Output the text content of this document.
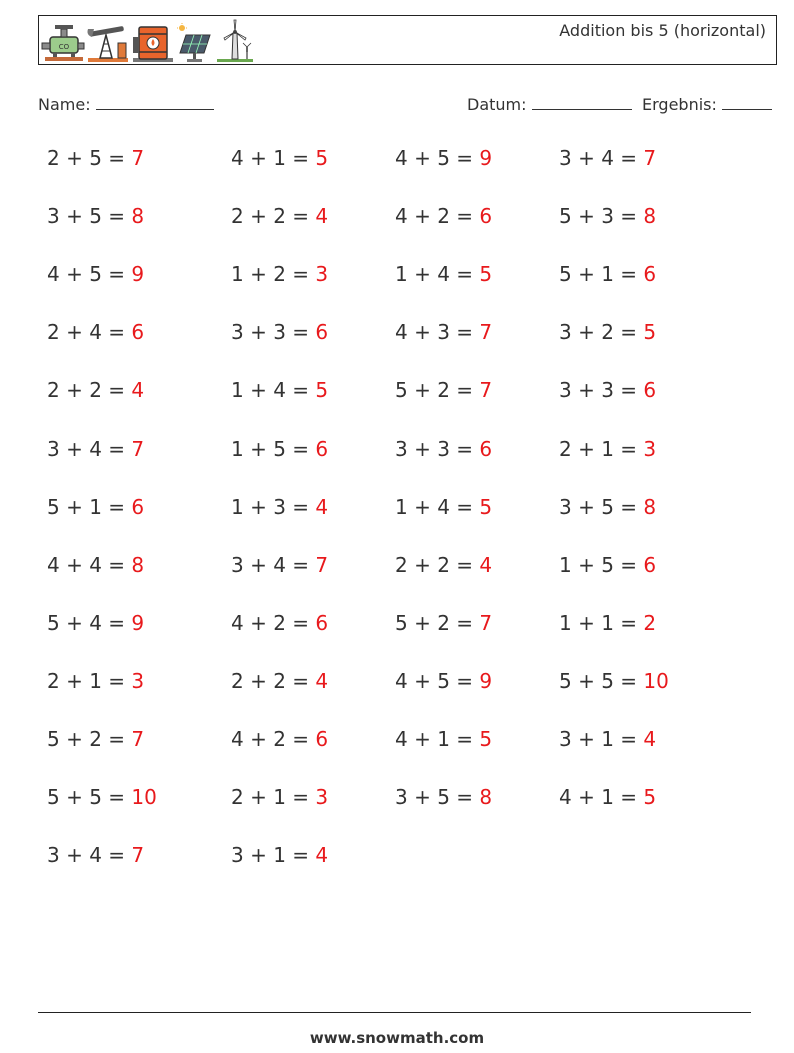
CO
Addition bis 5 (horizontal)
Name:	Datum:	Ergebnis:
2 + 5 = 7
3 + 5 = 8
4 + 5 = 9
2 + 4 = 6
2 + 2 = 4
3 + 4 = 7
5 + 1 = 6
4 + 4 = 8
5 + 4 = 9
2 + 1 = 3
5 + 2 = 7
5 + 5 = 10
3 + 4 = 7
4 + 1 = 5
2 + 2 = 4
1 + 2 = 3
3 + 3 = 6
1 + 4 = 5
1 + 5 = 6
1 + 3 = 4
3 + 4 = 7
4 + 2 = 6
2 + 2 = 4
4 + 2 = 6
2 + 1 = 3
3 + 1 = 4
4 + 5 = 9
4 + 2 = 6
1 + 4 = 5
4 + 3 = 7
5 + 2 = 7
3 + 3 = 6
1 + 4 = 5
2 + 2 = 4
5 + 2 = 7
4 + 5 = 9
4 + 1 = 5
3 + 5 = 8
3 + 4 = 7
5 + 3 = 8
5 + 1 = 6
3 + 2 = 5
3 + 3 = 6
2 + 1 = 3
3 + 5 = 8
1 + 5 = 6
1 + 1 = 2
5 + 5 = 10
3 + 1 = 4
4 + 1 = 5
www.snowmath.com
